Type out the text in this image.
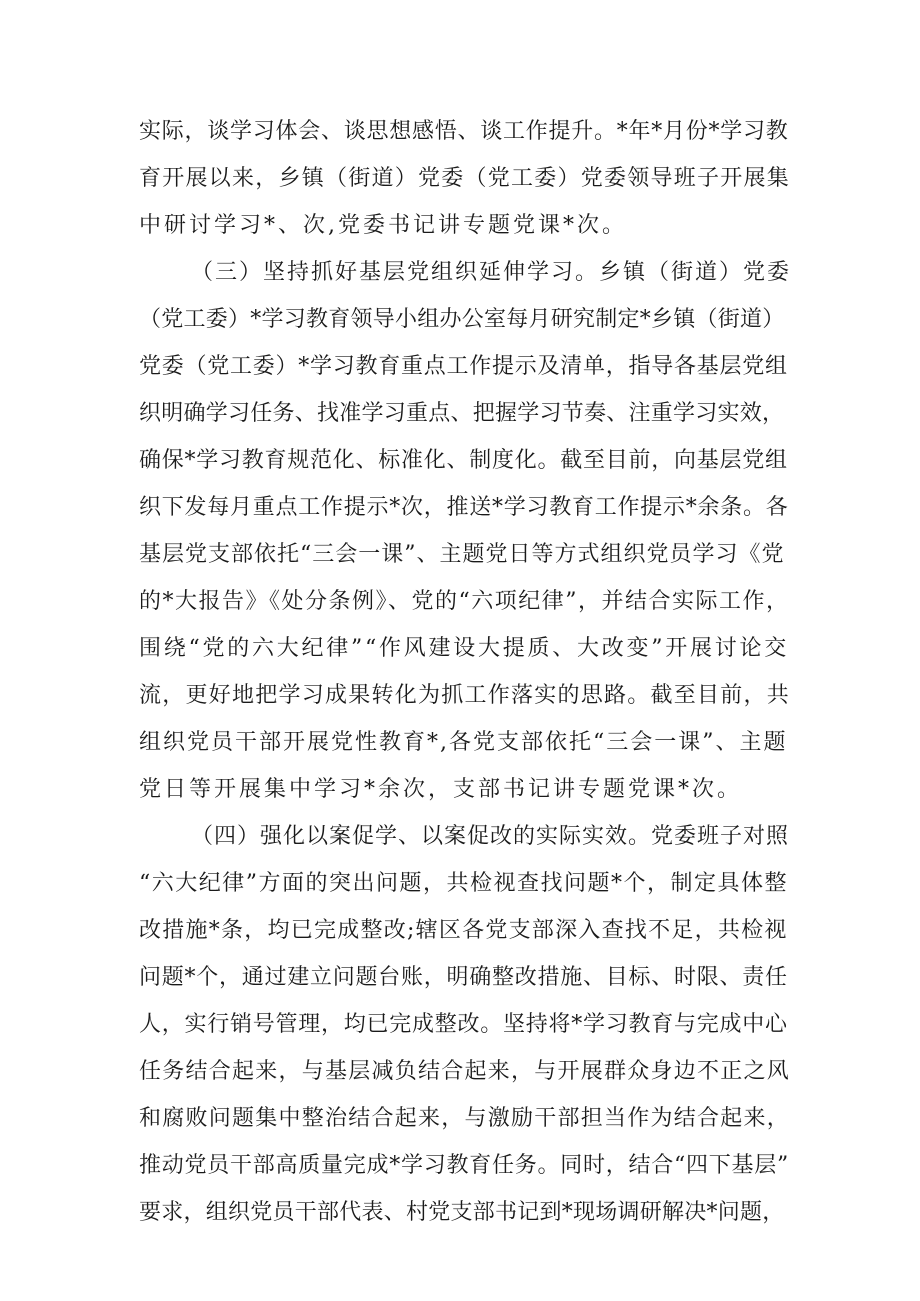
实际，谈学习体会、谈思想感悟、谈工作提升。*年*月份*学习教
育开展以来，乡镇（街道）党委（党工委）党委领导班子开展集
中研讨学习*、次,党委书记讲专题党课*次。
（三）坚持抓好基层党组织延伸学习。乡镇（街道）党委
（党工委）*学习教育领导小组办公室每月研究制定*乡镇（街道）
党委（党工委）*学习教育重点工作提示及清单，指导各基层党组
织明确学习任务、找准学习重点、把握学习节奏、注重学习实效，
确保*学习教育规范化、标准化、制度化。截至目前，向基层党组
织下发每月重点工作提示*次，推送*学习教育工作提示*余条。各
基层党支部依托“三会一课”、主题党日等方式组织党员学习《党
的*大报告》《处分条例》、党的“六项纪律”，并结合实际工作，
围绕“党的六大纪律”“作风建设大提质、大改变”开展讨论交
流，更好地把学习成果转化为抓工作落实的思路。截至目前，共
组织党员干部开展党性教育*,各党支部依托“三会一课”、主题
党日等开展集中学习*余次，支部书记讲专题党课*次。
（四）强化以案促学、以案促改的实际实效。党委班子对照
“六大纪律”方面的突出问题，共检视查找问题*个，制定具体整
改措施*条，均已完成整改;辖区各党支部深入查找不足，共检视
问题*个，通过建立问题台账，明确整改措施、目标、时限、责任
人，实行销号管理，均已完成整改。坚持将*学习教育与完成中心
任务结合起来，与基层减负结合起来，与开展群众身边不正之风
和腐败问题集中整治结合起来，与激励干部担当作为结合起来，
推动党员干部高质量完成*学习教育任务。同时，结合“四下基层”
要求，组织党员干部代表、村党支部书记到*现场调研解决*问题，
